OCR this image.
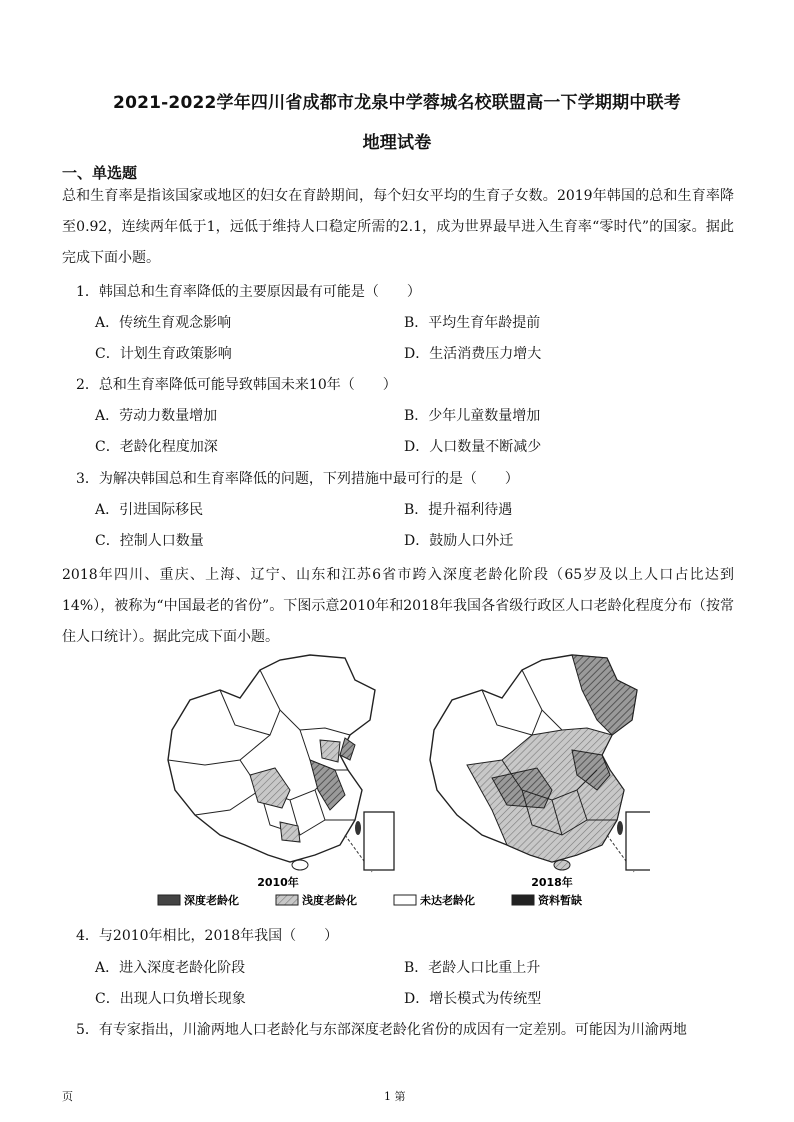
2021-2022学年四川省成都市龙泉中学蓉城名校联盟高一下学期期中联考
地理试卷
一、单选题
总和生育率是指该国家或地区的妇女在育龄期间，每个妇女平均的生育子女数。2019年韩国的总和生育率降至0.92，连续两年低于1，远低于维持人口稳定所需的2.1，成为世界最早进入生育率“零时代”的国家。据此完成下面小题。
1．韩国总和生育率降低的主要原因最有可能是（　　）
A．传统生育观念影响	B．平均生育年龄提前
C．计划生育政策影响	D．生活消费压力增大
2．总和生育率降低可能导致韩国未来10年（　　）
A．劳动力数量增加	B．少年儿童数量增加
C．老龄化程度加深	D．人口数量不断减少
3．为解决韩国总和生育率降低的问题，下列措施中最可行的是（　　）
A．引进国际移民	B．提升福利待遇
C．控制人口数量	D．鼓励人口外迁
2018年四川、重庆、上海、辽宁、山东和江苏6省市跨入深度老龄化阶段（65岁及以上人口占比达到14%），被称为“中国最老的省份”。下图示意2010年和2018年我国各省级行政区人口老龄化程度分布（按常住人口统计）。据此完成下面小题。
2010年	2018年
深度老龄化	浅度老龄化	未达老龄化	资料暂缺
4．与2010年相比，2018年我国（　　）
A．进入深度老龄化阶段	B．老龄人口比重上升
C．出现人口负增长现象	D．增长模式为传统型
5．有专家指出，川渝两地人口老龄化与东部深度老龄化省份的成因有一定差别。可能因为川渝两地
页	1 第
